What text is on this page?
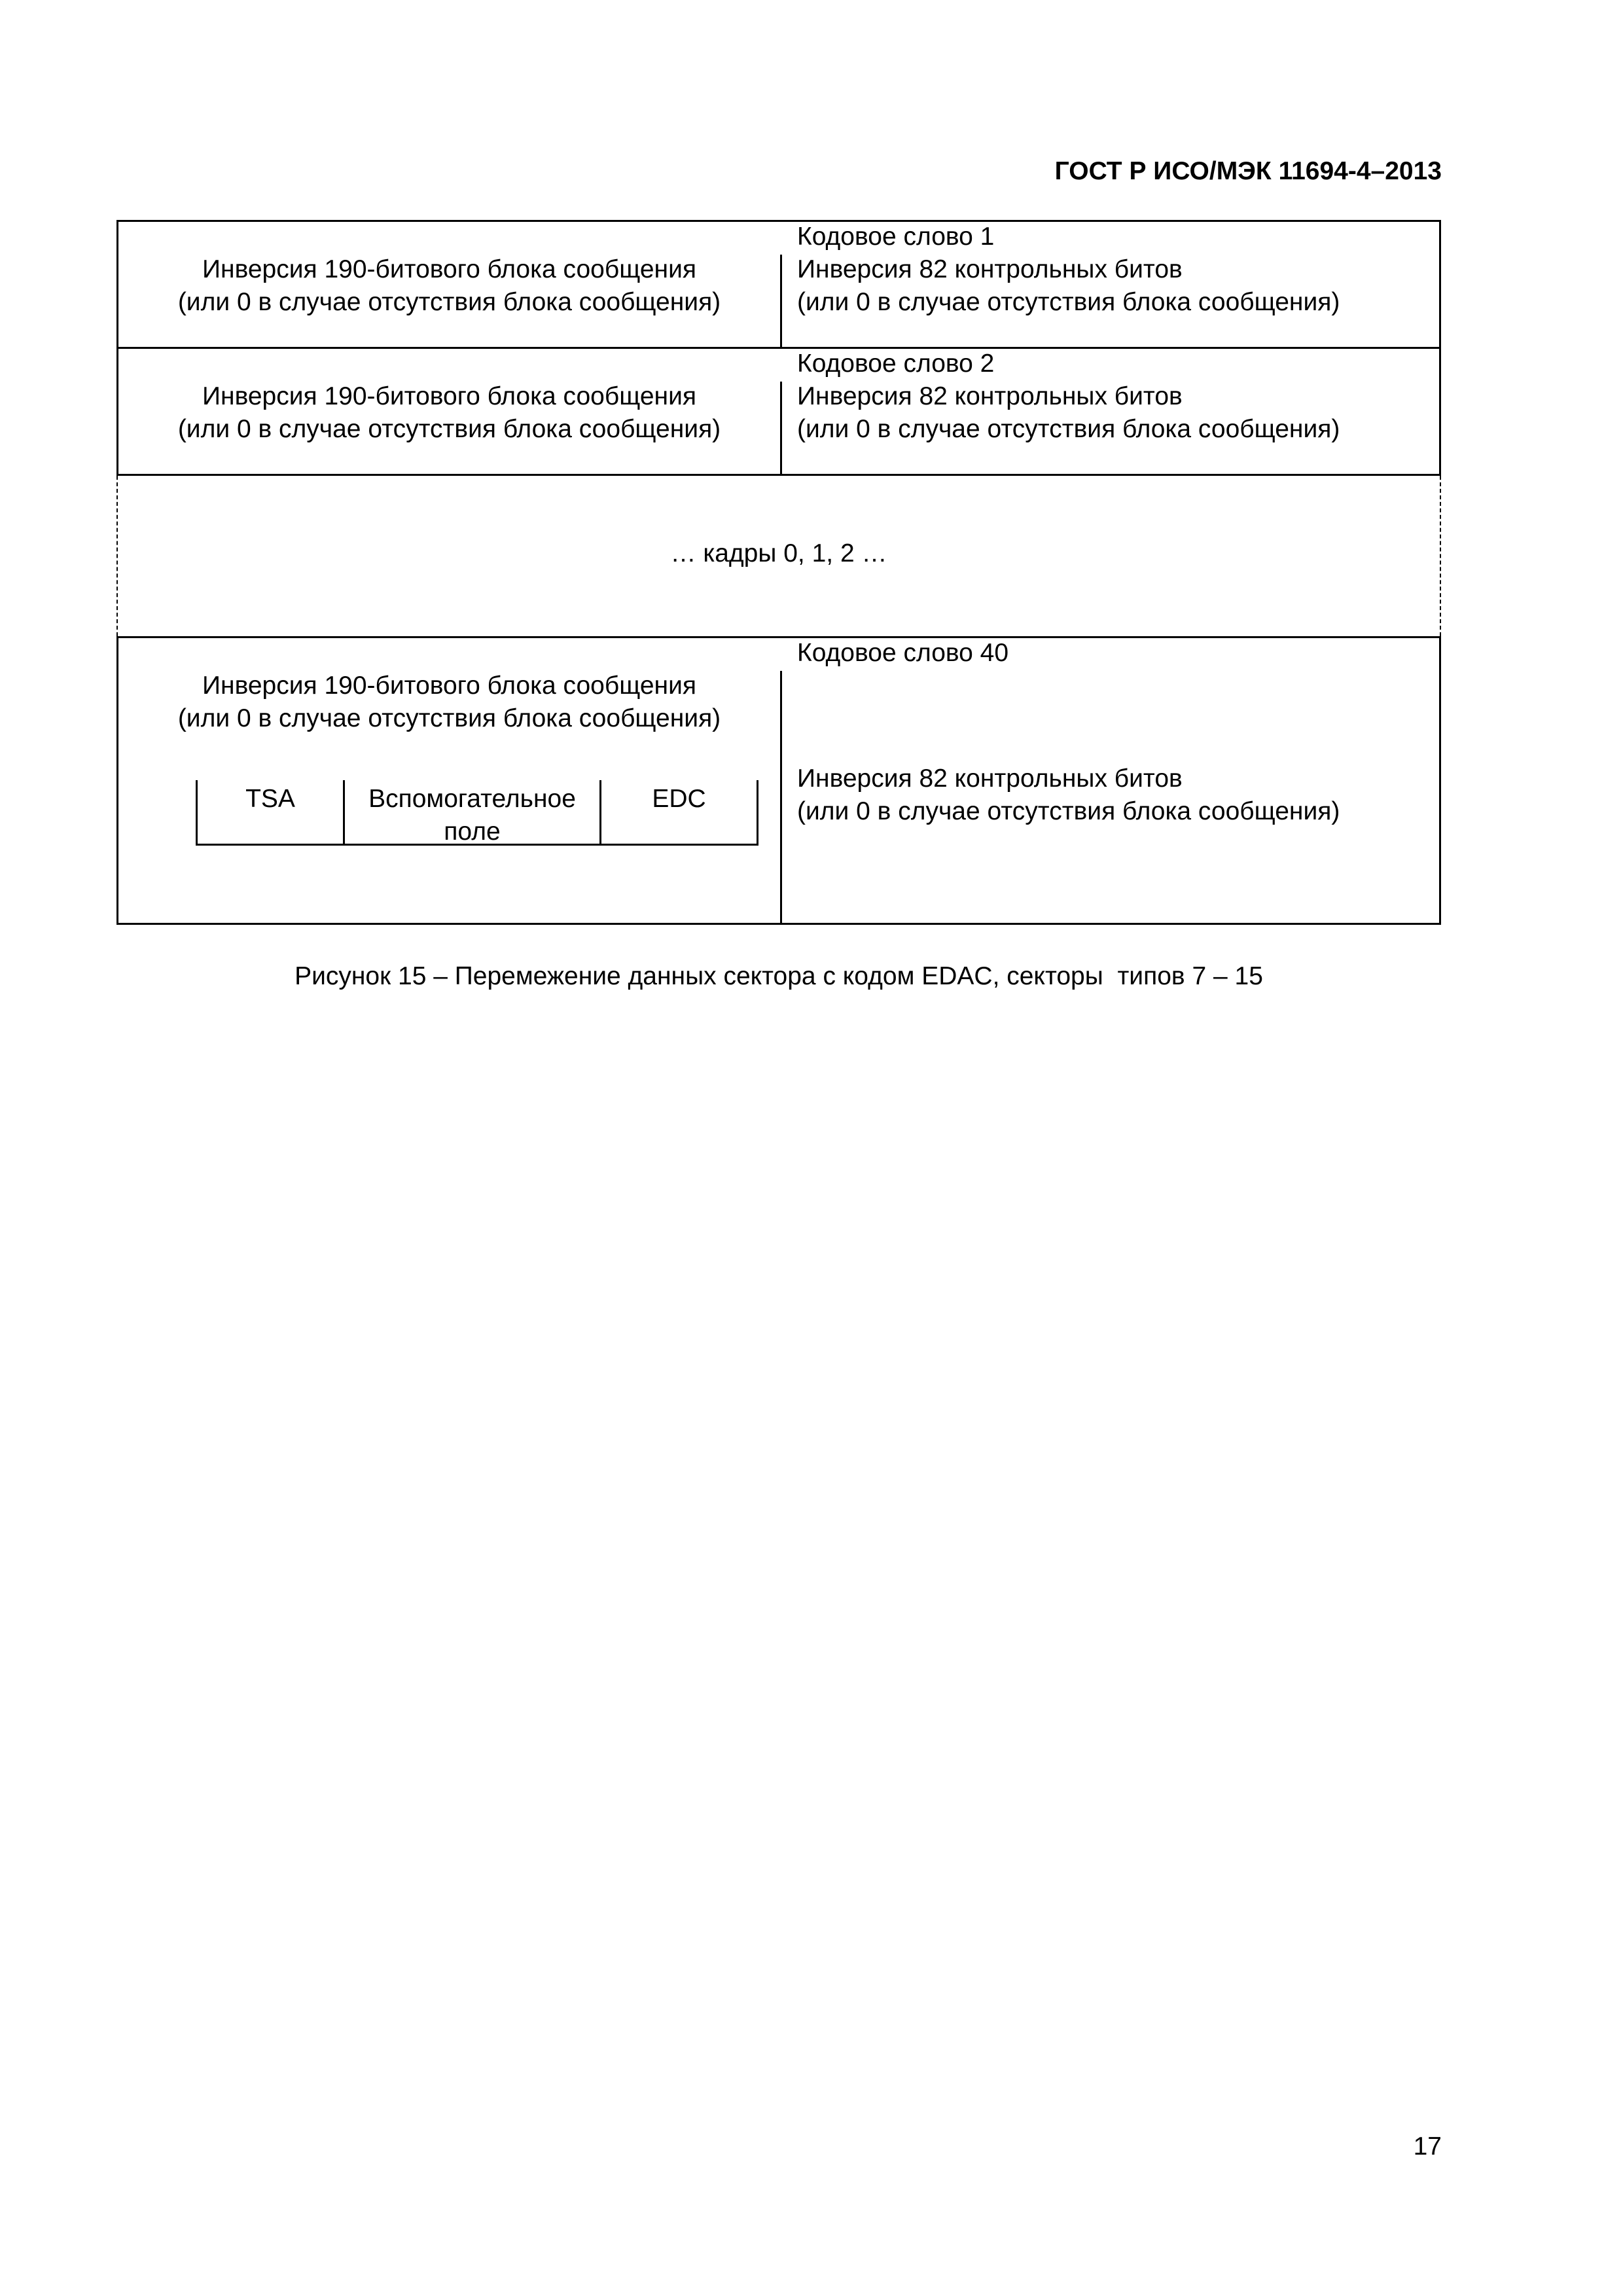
ГОСТ Р ИСО/МЭК 11694-4–2013
Кодовое слово 1
Инверсия 190-битового блока сообщения
(или 0 в случае отсутствия блока сообщения)
Инверсия 82 контрольных битов
(или 0 в случае отсутствия блока сообщения)
Кодовое слово 2
Инверсия 190-битового блока сообщения
(или 0 в случае отсутствия блока сообщения)
Инверсия 82 контрольных битов
(или 0 в случае отсутствия блока сообщения)
… кадры 0, 1, 2 …
Кодовое слово 40
Инверсия 190-битового блока сообщения
(или 0 в случае отсутствия блока сообщения)
Инверсия 82 контрольных битов
(или 0 в случае отсутствия блока сообщения)
TSA	Вспомогательное
поле
EDC
Рисунок 15 – Перемежение данных сектора с кодом EDAC, секторы  типов 7 – 15
17
